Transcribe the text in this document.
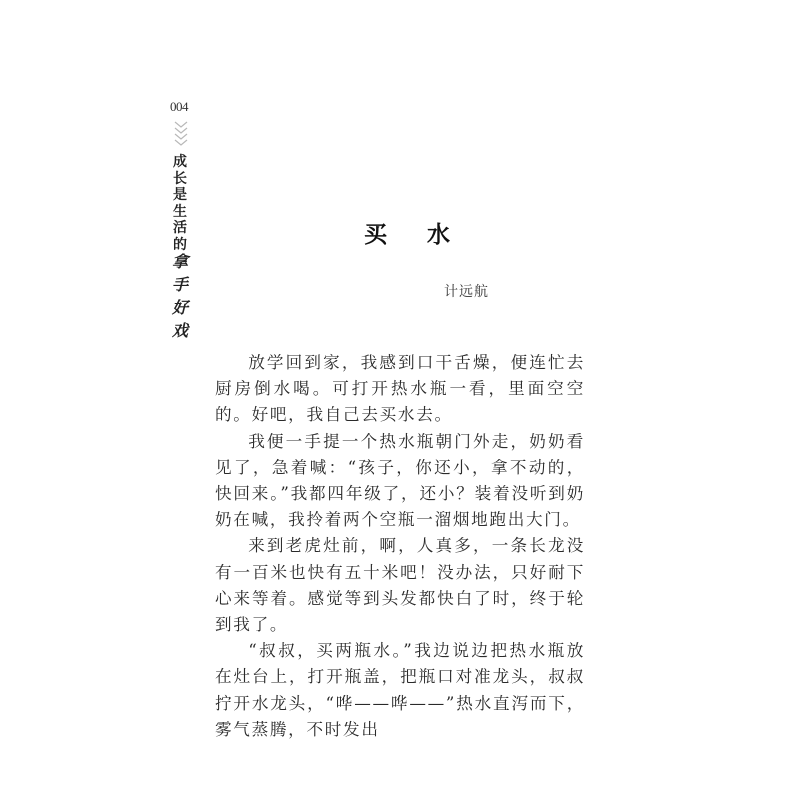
004
成
长
是
生
活
的
拿
手
好
戏
买水
计远航

放学回到家，我感到口干舌燥，便连忙去厨房倒水喝。可打开热水瓶一看，里面空空的。好吧，我自己去买水去。

我便一手提一个热水瓶朝门外走，奶奶看见了，急着喊：“孩子，你还小，拿不动的，快回来。”我都四年级了，还小？装着没听到奶奶在喊，我拎着两个空瓶一溜烟地跑出大门。

来到老虎灶前，啊，人真多，一条长龙没有一百米也快有五十米吧！没办法，只好耐下心来等着。感觉等到头发都快白了时，终于轮到我了。

“叔叔，买两瓶水。”我边说边把热水瓶放在灶台上，打开瓶盖，把瓶口对准龙头，叔叔拧开水龙头，“哗——哗——”热水直泻而下，雾气蒸腾，不时发出
